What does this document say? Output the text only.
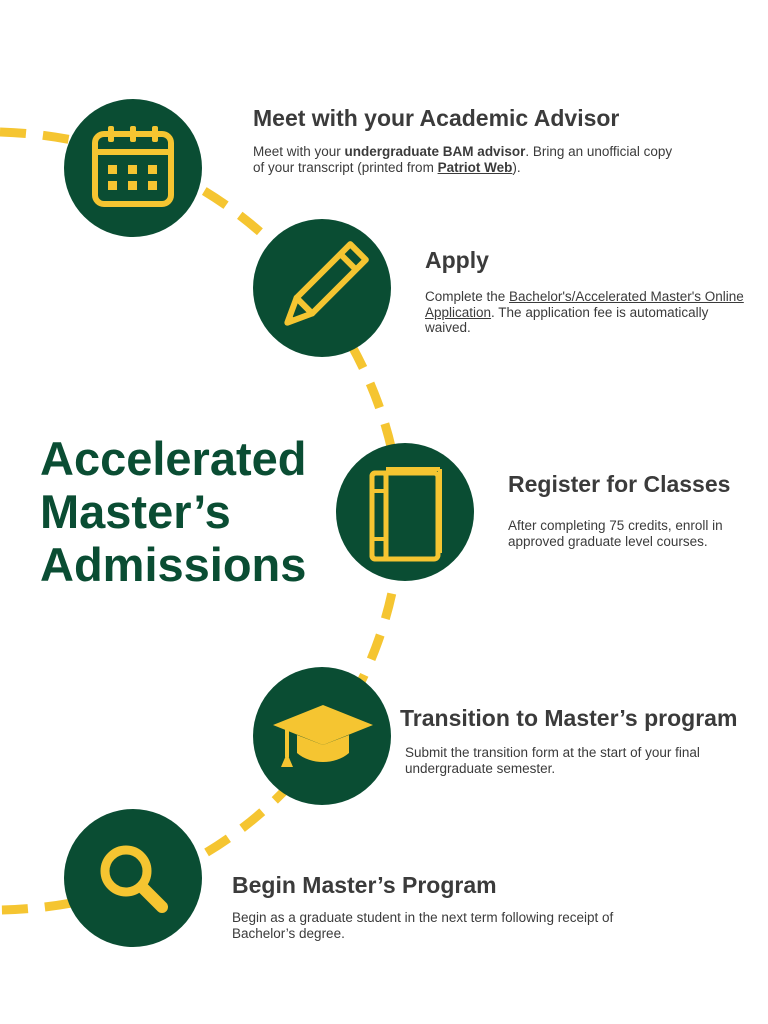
Accelerated
Master’s
Admissions
Meet with your Academic Advisor

Meet with your undergraduate BAM advisor. Bring an unofficial copy of your transcript (printed from Patriot Web).

Apply

Complete the Bachelor's/Accelerated Master's Online Application. The application fee is automatically waived.

Register for Classes

After completing 75 credits, enroll in approved graduate level courses.

Transition to Master’s program

Submit the transition form at the start of your final undergraduate semester.

Begin Master’s Program

Begin as a graduate student in the next term following receipt of Bachelor’s degree.
